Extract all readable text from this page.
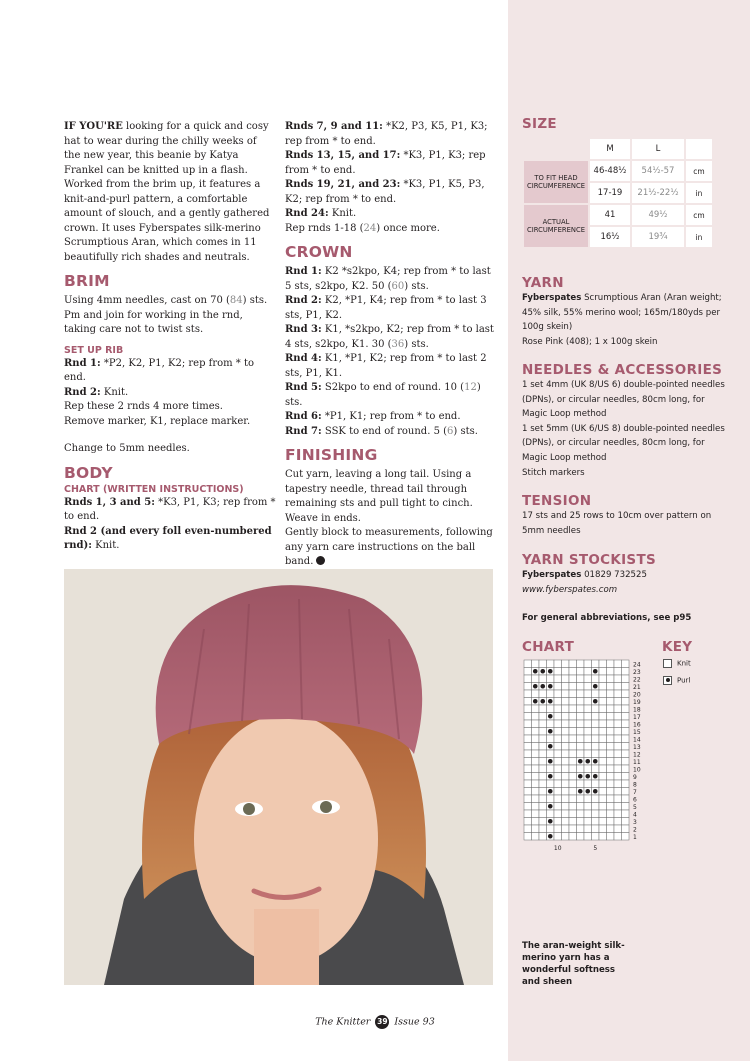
IF YOU'RE looking for a quick and cosy hat to wear during the chilly weeks of the new year, this beanie by Katya Frankel can be knitted up in a flash. Worked from the brim up, it features a knit-and-purl pattern, a comfortable amount of slouch, and a gently gathered crown. It uses Fyberspates silk-merino Scrumptious Aran, which comes in 11 beautifully rich shades and neutrals.

BRIM

Using 4mm needles, cast on 70 (84) sts. Pm and join for working in the rnd, taking care not to twist sts.

SET UP RIB

Rnd 1: *P2, K2, P1, K2; rep from * to end.

Rnd 2: Knit.

Rep these 2 rnds 4 more times.

Remove marker, K1, replace marker.

Change to 5mm needles.

BODY
CHART (WRITTEN INSTRUCTIONS)

Rnds 1, 3 and 5: *K3, P1, K3; rep from * to end.

Rnd 2 (and every foll even-numbered rnd): Knit.

Rnds 7, 9 and 11: *K2, P3, K5, P1, K3; rep from * to end.

Rnds 13, 15, and 17: *K3, P1, K3; rep from * to end.

Rnds 19, 21, and 23: *K3, P1, K5, P3, K2; rep from * to end.

Rnd 24: Knit.

Rep rnds 1-18 (24) once more.

CROWN

Rnd 1: K2 *s2kpo, K4; rep from * to last 5 sts, s2kpo, K2. 50 (60) sts.

Rnd 2: K2, *P1, K4; rep from * to last 3 sts, P1, K2.

Rnd 3: K1, *s2kpo, K2; rep from * to last 4 sts, s2kpo, K1. 30 (36) sts.

Rnd 4: K1, *P1, K2; rep from * to last 2 sts, P1, K1.

Rnd 5: S2kpo to end of round. 10 (12) sts.

Rnd 6: *P1, K1; rep from * to end.

Rnd 7: SSK to end of round. 5 (6) sts.

FINISHING

Cut yarn, leaving a long tail. Using a tapestry needle, thread tail through remaining sts and pull tight to cinch. Weave in ends.

Gently block to measurements, following any yarn care instructions on the ball band.

SIZE
	M	L	
TO FIT HEAD CIRCUMFERENCE	46-48½	54½-57	cm
	17-19	21½-22½	in
ACTUAL CIRCUMFERENCE	41	49½	cm
	16½	19¾	in
YARN

Fyberspates Scrumptious Aran (Aran weight; 45% silk, 55% merino wool; 165m/180yds per 100g skein)

Rose Pink (408); 1 x 100g skein

NEEDLES & ACCESSORIES

1 set 4mm (UK 8/US 6) double-pointed needles (DPNs), or circular needles, 80cm long, for Magic Loop method

1 set 5mm (UK 6/US 8) double-pointed needles (DPNs), or circular needles, 80cm long, for Magic Loop method

Stitch markers

TENSION

17 sts and 25 rows to 10cm over pattern on 5mm needles

YARN STOCKISTS

Fyberspates 01829 732525

www.fyberspates.com

For general abbreviations, see p95
CHART	KEY
Knit
Purl
1
2
3
4
5
6
7
8
9
10
11
12
13
14
15
16
17
18
19
20
21
22
23
24
10	5
The aran-weight silk-merino yarn has a wonderful softness and sheen
The Knitter 39 Issue 93
